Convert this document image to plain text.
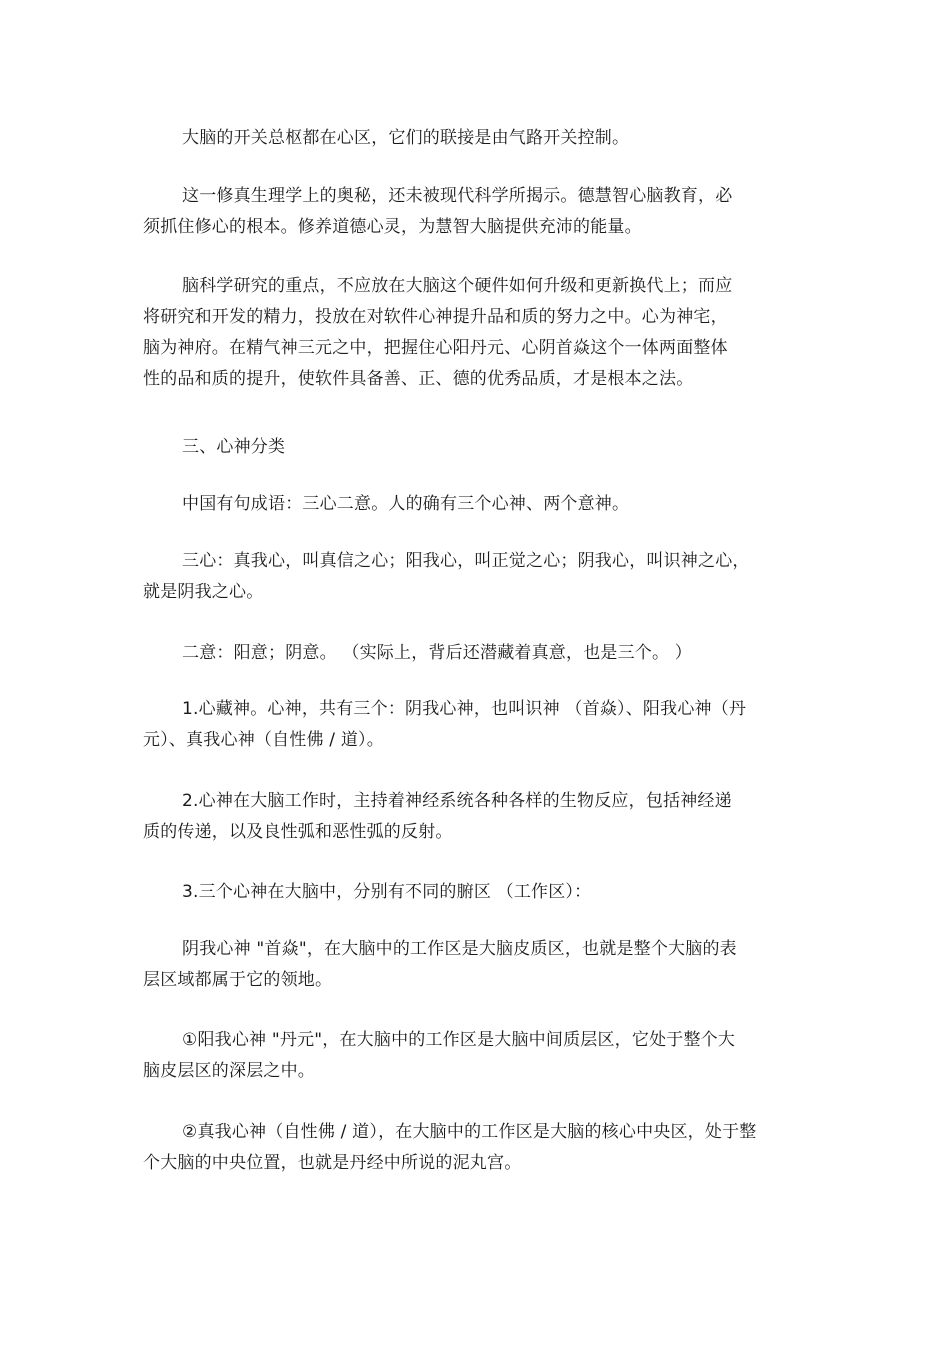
大脑的开关总枢都在心区，它们的联接是由气路开关控制。

这一修真生理学上的奥秘，还未被现代科学所揭示。德慧智心脑教育，必
须抓住修心的根本。修养道德心灵，为慧智大脑提供充沛的能量。

脑科学研究的重点，不应放在大脑这个硬件如何升级和更新换代上；而应
将研究和开发的精力，投放在对软件心神提升品和质的努力之中。心为神宅，
脑为神府。在精气神三元之中，把握住心阳丹元、心阴首焱这个一体两面整体
性的品和质的提升，使软件具备善、正、德的优秀品质，才是根本之法。

三、心神分类

中国有句成语：三心二意。人的确有三个心神、两个意神。

三心：真我心，叫真信之心；阳我心，叫正觉之心；阴我心，叫识神之心，
就是阴我之心。

二意：阳意；阴意。 （实际上，背后还潜藏着真意，也是三个。 ）

1.心藏神。心神，共有三个：阴我心神，也叫识神 （首焱）、阳我心神（丹
元）、真我心神（自性佛 / 道）。

2.心神在大脑工作时，主持着神经系统各种各样的生物反应，包括神经递
质的传递，以及良性弧和恶性弧的反射。

3.三个心神在大脑中，分别有不同的腑区 （工作区）：

阴我心神 "首焱"，在大脑中的工作区是大脑皮质区，也就是整个大脑的表
层区域都属于它的领地。

①阳我心神 "丹元"，在大脑中的工作区是大脑中间质层区，它处于整个大
脑皮层区的深层之中。

②真我心神（自性佛 / 道），在大脑中的工作区是大脑的核心中央区，处于整
个大脑的中央位置，也就是丹经中所说的泥丸宫。
